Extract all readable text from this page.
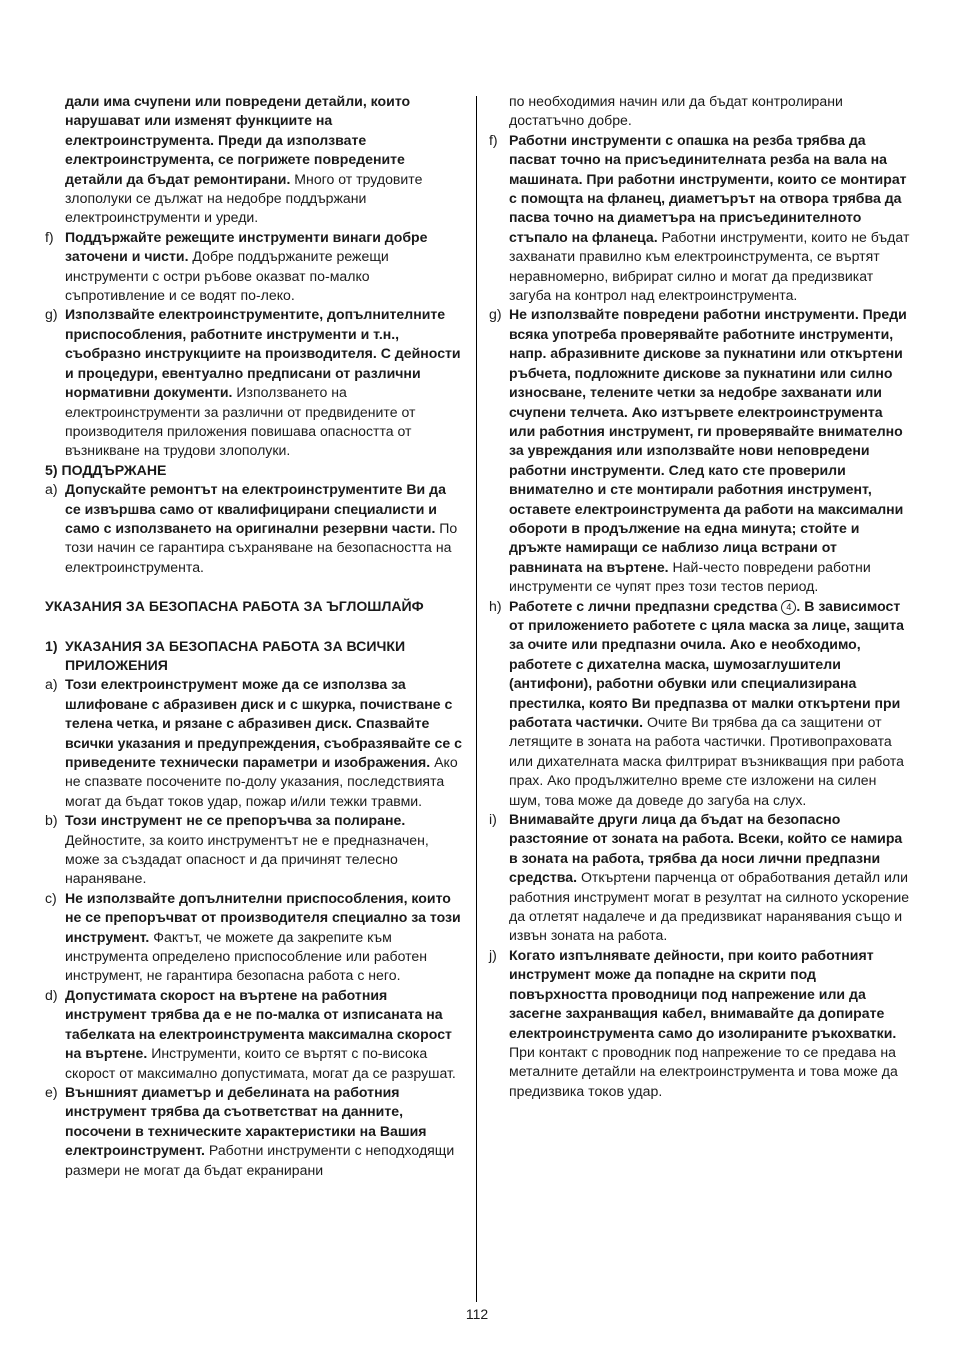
дали има счупени или повредени детайли, които нарушават или изменят функциите на електроинструмента. Преди да използвате електроинструмента, се погрижете повредените детайли да бъдат ремонтирани. Много от трудовите злополуки се дължат на недобре поддържани електроинструменти и уреди.
f) Поддържайте режещите инструменти винаги добре заточени и чисти. Добре поддържаните режещи инструменти с остри ръбове оказват по-малко съпротивление и се водят по-леко.
g) Използвайте електроинструментите, допълнителните приспособления, работните инструменти и т.н., съобразно инструкциите на производителя. С дейности и процедури, евентуално предписани от различни нормативни документи. Използването на електроинструменти за различни от предвидените от производителя приложения повишава опасността от възникване на трудови злополуки.
5) ПОДДЪРЖАНЕ
a) Допускайте ремонтът на електроинструментите Ви да се извършва само от квалифицирани специалисти и само с използването на оригинални резервни части. По този начин се гарантира съхраняване на безопасността на електроинструмента.
УКАЗАНИЯ ЗА БЕЗОПАСНА РАБОТА ЗА ЪГЛОШЛАЙФ
1) УКАЗАНИЯ ЗА БЕЗОПАСНА РАБОТА ЗА ВСИЧКИ ПРИЛОЖЕНИЯ
a) Този електроинструмент може да се използва за шлифоване с абразивен диск и с шкурка, почистване с телена четка, и рязане с абразивен диск. Спазвайте всички указания и предупреждения, съобразявайте се с приведените технически параметри и изображения. Ако не спазвате посочените по-долу указания, последствията могат да бъдат токов удар, пожар и/или тежки травми.
b) Този инструмент не се препоръчва за полиране. Дейностите, за които инструментът не е предназначен, може за създадат опасност и да причинят телесно нараняване.
c) Не използвайте допълнителни приспособления, които не се препоръчват от производителя специално за този инструмент. Фактът, че можете да закрепите към инструмента определено приспособление или работен инструмент, не гарантира безопасна работа с него.
d) Допустимата скорост на въртене на работния инструмент трябва да е не по-малка от изписаната на табелката на електроинструмента максимална скорост на въртене. Инструменти, които се въртят с по-висока скорост от максимално допустимата, могат да се разрушат.
e) Външният диаметър и дебелината на работния инструмент трябва да съответстват на данните, посочени в техническите характеристики на Вашия електроинструмент. Работни инструменти с неподходящи размери не могат да бъдат екранирани
по необходимия начин или да бъдат контролирани достатъчно добре.
f) Работни инструменти с опашка на резба трябва да пасват точно на присъединителната резба на вала на машината. При работни инструменти, които се монтират с помощта на фланец, диаметърът на отвора трябва да пасва точно на диаметъра на присъединителното стъпало на фланеца. Работни инструменти, които не бъдат захванати правилно към електроинструмента, се въртят неравномерно, вибрират силно и могат да предизвикат загуба на контрол над електроинструмента.
g) Не използвайте повредени работни инструменти. Преди всяка употреба проверявайте работните инструменти, напр. абразивните дискове за пукнатини или откъртени ръбчета, подложните дискове за пукнатини или силно износване, телените четки за недобре захванати или счупени телчета. Ако изтървете електроинструмента или работния инструмент, ги проверявайте внимателно за увреждания или използвайте нови неповредени работни инструменти. След като сте проверили внимателно и сте монтирали работния инструмент, оставете електроинструмента да работи на максимални обороти в продължение на една минута; стойте и дръжте намиращи се наблизо лица встрани от равнината на въртене. Най-често повредени работни инструменти се чупят през този тестов период.
h) Работете с лични предпазни средства 4 . В зависимост от приложението работете с цяла маска за лице, защита за очите или предпазни очила. Ако е необходимо, работете с дихателна маска, шумозаглушители (антифони), работни обувки или специализирана престилка, която Ви предпазва от малки откъртени при работата частички. Очите Ви трябва да са защитени от летящите в зоната на работа частички. Противопраховата или дихателната маска филтрират възникващия при работа прах. Ако продължително време сте изложени на силен шум, това може да доведе до загуба на слух.
i) Внимавайте други лица да бъдат на безопасно разстояние от зоната на работа. Всеки, който се намира в зоната на работа, трябва да носи лични предпазни средства. Откъртени парченца от обработвания детайл или работния инструмент могат в резултат на силното ускорение да отлетят надалече и да предизвикат наранявания също и извън зоната на работа.
j) Когато изпълнявате дейности, при които работният инструмент може да попадне на скрити под повърхността проводници под напрежение или да засегне захранващия кабел, внимавайте да допирате електроинструмента само до изолираните ръкохватки. При контакт с проводник под напрежение то се предава на металните детайли на електроинструмента и това може да предизвика токов удар.
112
